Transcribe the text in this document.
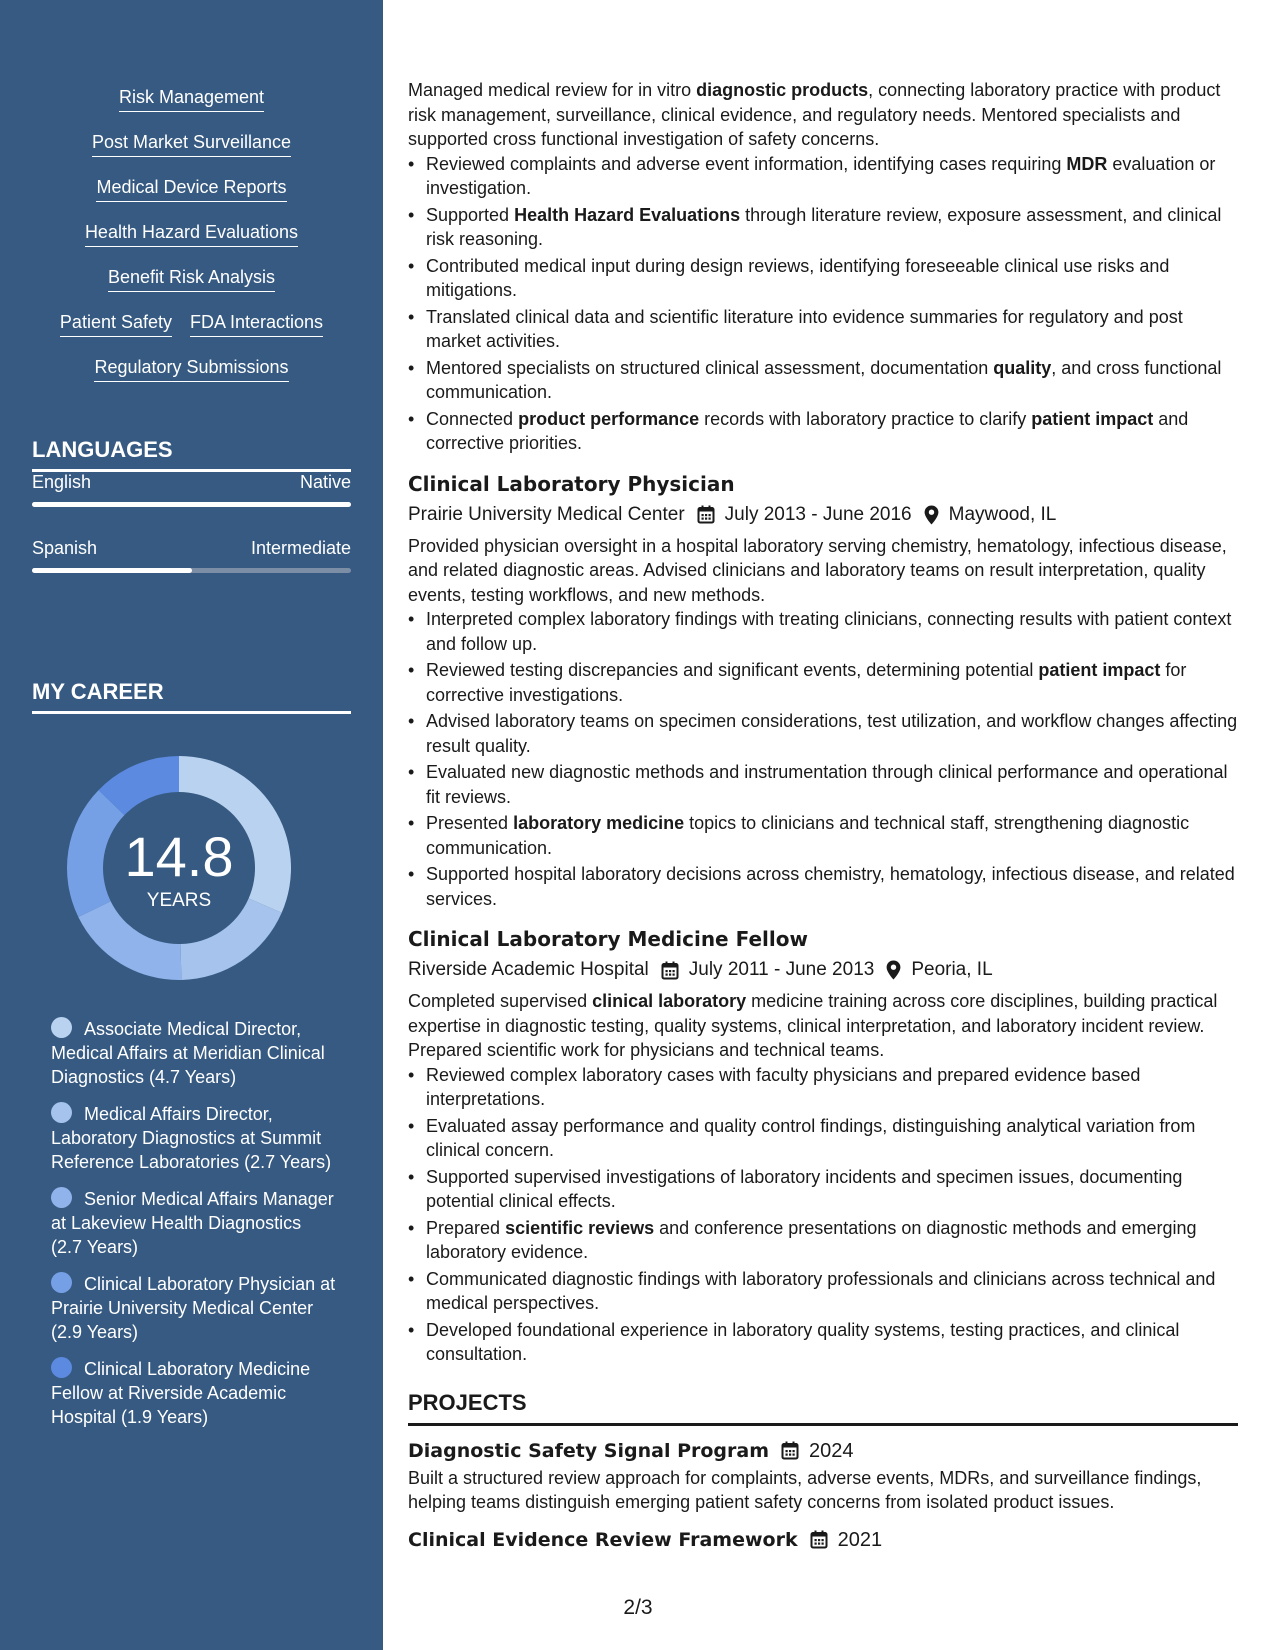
Risk Management
Post Market Surveillance
Medical Device Reports
Health Hazard Evaluations
Benefit Risk Analysis
Patient Safety FDA Interactions
Regulatory Submissions
LANGUAGES
English	Native
Spanish	Intermediate
MY CAREER
14.8
YEARS
Associate Medical Director, Medical Affairs at Meridian Clinical Diagnostics (4.7 Years)
Medical Affairs Director, Laboratory Diagnostics at Summit Reference Laboratories (2.7 Years)
Senior Medical Affairs Manager at Lakeview Health Diagnostics (2.7 Years)
Clinical Laboratory Physician at Prairie University Medical Center (2.9 Years)
Clinical Laboratory Medicine Fellow at Riverside Academic Hospital (1.9 Years)

Managed medical review for in vitro diagnostic products, connecting laboratory practice with product risk management, surveillance, clinical evidence, and regulatory needs. Mentored specialists and supported cross functional investigation of safety concerns.

• Reviewed complaints and adverse event information, identifying cases requiring MDR evaluation or investigation.
• Supported Health Hazard Evaluations through literature review, exposure assessment, and clinical risk reasoning.
• Contributed medical input during design reviews, identifying foreseeable clinical use risks and mitigations.
• Translated clinical data and scientific literature into evidence summaries for regulatory and post market activities.
• Mentored specialists on structured clinical assessment, documentation quality, and cross functional communication.
• Connected product performance records with laboratory practice to clarify patient impact and corrective priorities.
Clinical Laboratory Physician
Prairie University Medical Center July 2013 - June 2016 Maywood, IL

Provided physician oversight in a hospital laboratory serving chemistry, hematology, infectious disease, and related diagnostic areas. Advised clinicians and laboratory teams on result interpretation, quality events, testing workflows, and new methods.

• Interpreted complex laboratory findings with treating clinicians, connecting results with patient context and follow up.
• Reviewed testing discrepancies and significant events, determining potential patient impact for corrective investigations.
• Advised laboratory teams on specimen considerations, test utilization, and workflow changes affecting result quality.
• Evaluated new diagnostic methods and instrumentation through clinical performance and operational fit reviews.
• Presented laboratory medicine topics to clinicians and technical staff, strengthening diagnostic communication.
• Supported hospital laboratory decisions across chemistry, hematology, infectious disease, and related services.
Clinical Laboratory Medicine Fellow
Riverside Academic Hospital July 2011 - June 2013 Peoria, IL

Completed supervised clinical laboratory medicine training across core disciplines, building practical expertise in diagnostic testing, quality systems, clinical interpretation, and laboratory incident review. Prepared scientific work for physicians and technical teams.

• Reviewed complex laboratory cases with faculty physicians and prepared evidence based interpretations.
• Evaluated assay performance and quality control findings, distinguishing analytical variation from clinical concern.
• Supported supervised investigations of laboratory incidents and specimen issues, documenting potential clinical effects.
• Prepared scientific reviews and conference presentations on diagnostic methods and emerging laboratory evidence.
• Communicated diagnostic findings with laboratory professionals and clinicians across technical and medical perspectives.
• Developed foundational experience in laboratory quality systems, testing practices, and clinical consultation.
PROJECTS
Diagnostic Safety Signal Program 2024

Built a structured review approach for complaints, adverse events, MDRs, and surveillance findings, helping teams distinguish emerging patient safety concerns from isolated product issues.

Clinical Evidence Review Framework 2021
2/3
